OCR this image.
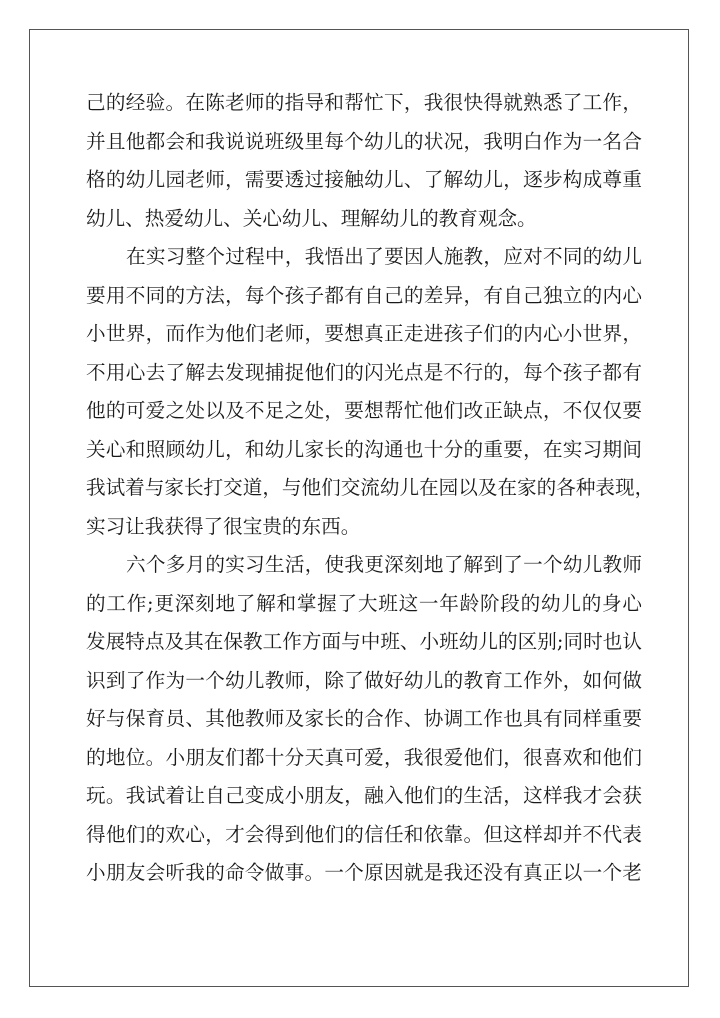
己的经验。在陈老师的指导和帮忙下，我很快得就熟悉了工作，
并且他都会和我说说班级里每个幼儿的状况，我明白作为一名合
格的幼儿园老师，需要透过接触幼儿、了解幼儿，逐步构成尊重
幼儿、热爱幼儿、关心幼儿、理解幼儿的教育观念。
在实习整个过程中，我悟出了要因人施教，应对不同的幼儿
要用不同的方法，每个孩子都有自己的差异，有自己独立的内心
小世界，而作为他们老师，要想真正走进孩子们的内心小世界，
不用心去了解去发现捕捉他们的闪光点是不行的，每个孩子都有
他的可爱之处以及不足之处，要想帮忙他们改正缺点，不仅仅要
关心和照顾幼儿，和幼儿家长的沟通也十分的重要，在实习期间
我试着与家长打交道，与他们交流幼儿在园以及在家的各种表现，
实习让我获得了很宝贵的东西。
六个多月的实习生活，使我更深刻地了解到了一个幼儿教师
的工作;更深刻地了解和掌握了大班这一年龄阶段的幼儿的身心
发展特点及其在保教工作方面与中班、小班幼儿的区别;同时也认
识到了作为一个幼儿教师，除了做好幼儿的教育工作外，如何做
好与保育员、其他教师及家长的合作、协调工作也具有同样重要
的地位。小朋友们都十分天真可爱，我很爱他们，很喜欢和他们
玩。我试着让自己变成小朋友，融入他们的生活，这样我才会获
得他们的欢心，才会得到他们的信任和依靠。但这样却并不代表
小朋友会听我的命令做事。一个原因就是我还没有真正以一个老
